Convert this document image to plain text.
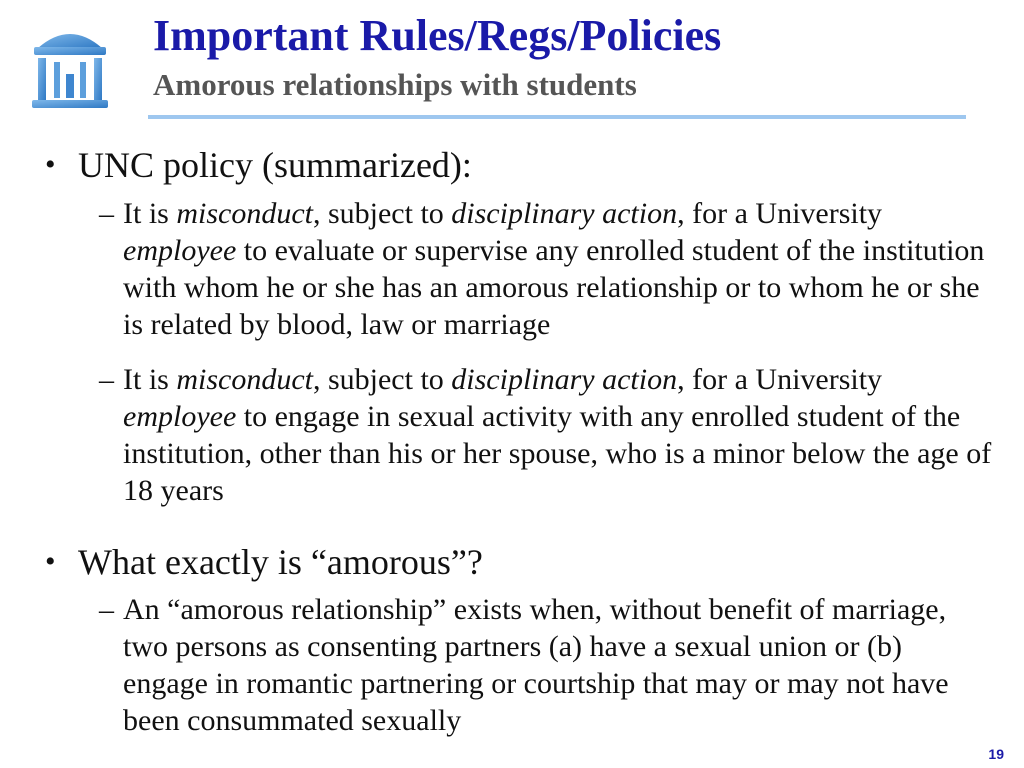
Important Rules/Regs/Policies
Amorous relationships with students
• UNC policy (summarized):
– It is misconduct, subject to disciplinary action, for a University employee to evaluate or supervise any enrolled student of the institution with whom he or she has an amorous relationship or to whom he or she is related by blood, law or marriage
– It is misconduct, subject to disciplinary action, for a University employee to engage in sexual activity with any enrolled student of the institution, other than his or her spouse, who is a minor below the age of 18 years
• What exactly is “amorous”?
– An “amorous relationship” exists when, without benefit of marriage, two persons as consenting partners (a) have a sexual union or (b) engage in romantic partnering or courtship that may or may not have been consummated sexually
19
